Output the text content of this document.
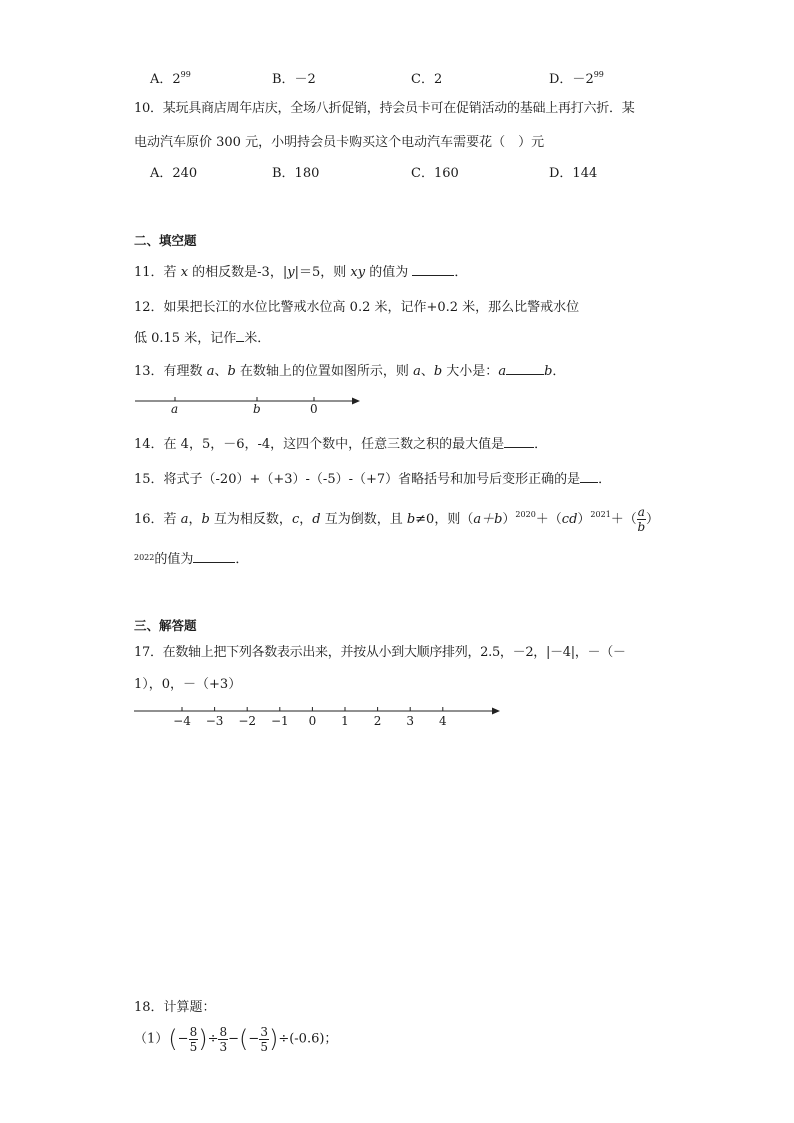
A．$2^{99}$	B．－2	C．2	D．$-2^{99}$
10．某玩具商店周年店庆，全场八折促销，持会员卡可在促销活动的基础上再打六折．某
电动汽车原价 300 元，小明持会员卡购买这个电动汽车需要花（　）元
A．240	B．180	C．160	D．144
二、填空题
11．若 x 的相反数是-3，|y|＝5，则 xy 的值为	．
12．如果把长江的水位比警戒水位高 0.2 米，记作+0.2 米，那么比警戒水位
低 0.15 米，记作 米．
13．有理数 a、b 在数轴上的位置如图所示，则 a、b 大小是：a	b．
a	b	0
14．在 4，5，－6，-4，这四个数中，任意三数之积的最大值是 ．
15．将式子（-20）+（+3）-（-5）-（+7）省略括号和加号后变形正确的是 ．
16．若 a，b 互为相反数，c，d 互为倒数，且 b≠0，则$(a+b)^{2020}+(cd)^{2021}+( \frac{a}{b}$ ）
$^{2022}$的值为	．
三、解答题
17．在数轴上把下列各数表示出来，并按从小到大顺序排列，2.5，－2，|－4|，－（－
1），0，－（+3）
−4 −3 −2 −1 0 1 2 3 4
18．计算题：
$(1)(- \frac{8}{5}$ )÷ $\frac{8}{3}$ −(− $\frac{3}{5} )\div(-0.6)$；
